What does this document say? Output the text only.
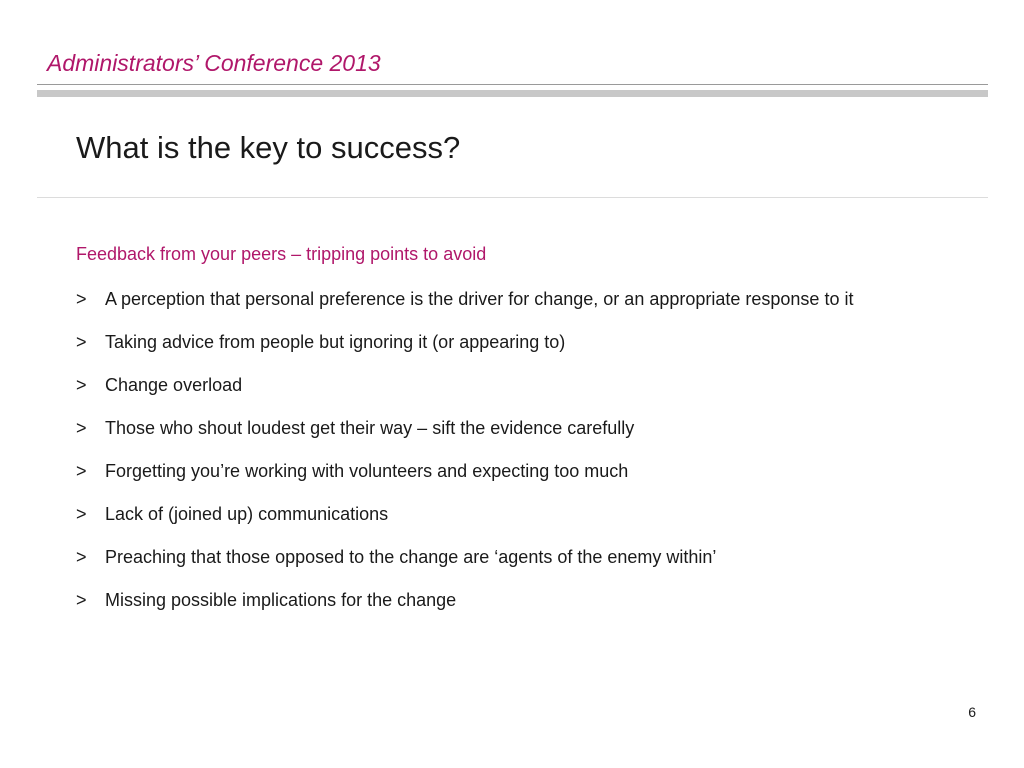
Administrators’ Conference 2013
What is the key to success?
Feedback from your peers – tripping points to avoid
>	A perception that personal preference is the driver for change, or an appropriate response to it
>	Taking advice from people but ignoring it (or appearing to)
>	Change overload
>	Those who shout loudest get their way – sift the evidence carefully
>	Forgetting you’re working with volunteers and expecting too much
>	Lack of (joined up) communications
>	Preaching that those opposed to the change are ‘agents of the enemy within’
>	Missing possible implications for the change
6
